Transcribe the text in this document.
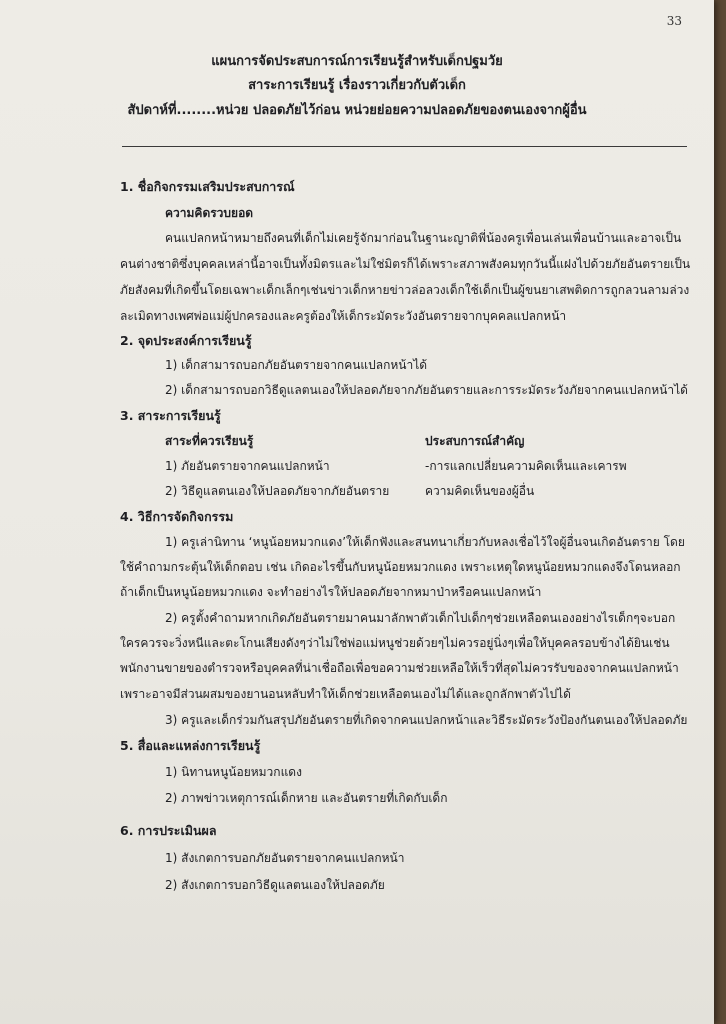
33
แผนการจัดประสบการณ์การเรียนรู้สำหรับเด็กปฐมวัย
สาระการเรียนรู้ เรื่องราวเกี่ยวกับตัวเด็ก
สัปดาห์ที่........หน่วย ปลอดภัยไว้ก่อน หน่วยย่อยความปลอดภัยของตนเองจากผู้อื่น
1. ชื่อกิจกรรมเสริมประสบการณ์
ความคิดรวบยอด
คนแปลกหน้าหมายถึงคนที่เด็กไม่เคยรู้จักมาก่อนในฐานะญาติพี่น้องครูเพื่อนเล่นเพื่อนบ้านและอาจเป็น
คนต่างชาติซึ่งบุคคลเหล่านี้อาจเป็นทั้งมิตรและไม่ใช่มิตรก็ได้เพราะสภาพสังคมทุกวันนี้แฝงไปด้วยภัยอันตรายเป็น
ภัยสังคมที่เกิดขึ้นโดยเฉพาะเด็กเล็กๆเช่นข่าวเด็กหายข่าวล่อลวงเด็กใช้เด็กเป็นผู้ขนยาเสพติดการถูกลวนลามล่วง
ละเมิดทางเพศพ่อแม่ผู้ปกครองและครูต้องให้เด็กระมัดระวังอันตรายจากบุคคลแปลกหน้า
2. จุดประสงค์การเรียนรู้
1) เด็กสามารถบอกภัยอันตรายจากคนแปลกหน้าได้
2) เด็กสามารถบอกวิธีดูแลตนเองให้ปลอดภัยจากภัยอันตรายและการระมัดระวังภัยจากคนแปลกหน้าได้
3. สาระการเรียนรู้
สาระที่ควรเรียนรู้	ประสบการณ์สำคัญ
1) ภัยอันตรายจากคนแปลกหน้า	-การแลกเปลี่ยนความคิดเห็นและเคารพ
2) วิธีดูแลตนเองให้ปลอดภัยจากภัยอันตราย	ความคิดเห็นของผู้อื่น
4. วิธีการจัดกิจกรรม
1) ครูเล่านิทาน ‘หนูน้อยหมวกแดง’ให้เด็กฟังและสนทนาเกี่ยวกับหลงเชื่อไว้ใจผู้อื่นจนเกิดอันตราย โดย
ใช้คำถามกระตุ้นให้เด็กตอบ เช่น เกิดอะไรขึ้นกับหนูน้อยหมวกแดง เพราะเหตุใดหนูน้อยหมวกแดงจึงโดนหลอก
ถ้าเด็กเป็นหนูน้อยหมวกแดง จะทำอย่างไรให้ปลอดภัยจากหมาป่าหรือคนแปลกหน้า
2) ครูตั้งคำถามหากเกิดภัยอันตรายมาคนมาลักพาตัวเด็กไปเด็กๆช่วยเหลือตนเองอย่างไรเด็กๆจะบอก
ใครควรจะวิ่งหนีและตะโกนเสียงดังๆว่าไม่ใช่พ่อแม่หนูช่วยด้วยๆไม่ควรอยู่นิ่งๆเพื่อให้บุคคลรอบข้างได้ยินเช่น
พนักงานขายของตำรวจหรือบุคคลที่น่าเชื่อถือเพื่อขอความช่วยเหลือให้เร็วที่สุดไม่ควรรับของจากคนแปลกหน้า
เพราะอาจมีส่วนผสมของยานอนหลับทำให้เด็กช่วยเหลือตนเองไม่ได้และถูกลักพาตัวไปได้
3) ครูและเด็กร่วมกันสรุปภัยอันตรายที่เกิดจากคนแปลกหน้าและวิธีระมัดระวังป้องกันตนเองให้ปลอดภัย
5. สื่อและแหล่งการเรียนรู้
1) นิทานหนูน้อยหมวกแดง
2) ภาพข่าวเหตุการณ์เด็กหาย และอันตรายที่เกิดกับเด็ก
6. การประเมินผล
1) สังเกตการบอกภัยอันตรายจากคนแปลกหน้า
2) สังเกตการบอกวิธีดูแลตนเองให้ปลอดภัย
